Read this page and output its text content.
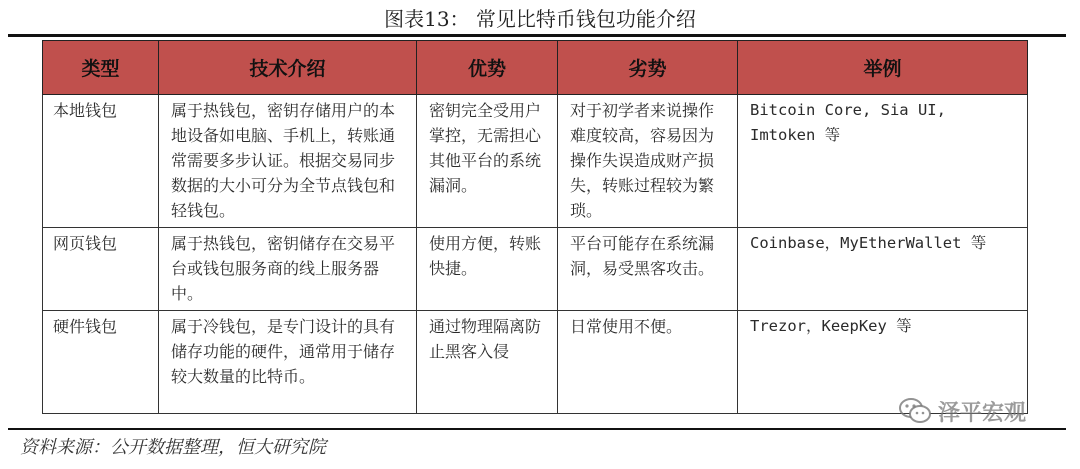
图表13： 常见比特币钱包功能介绍
类型	技术介绍	优势	劣势	举例
本地钱包	属于热钱包，密钥存储用户的本地设备如电脑、手机上，转账通常需要多步认证。根据交易同步数据的大小可分为全节点钱包和轻钱包。	密钥完全受用户掌控，无需担心其他平台的系统漏洞。	对于初学者来说操作难度较高，容易因为操作失误造成财产损失，转账过程较为繁琐。	Bitcoin Core, Sia UI, Imtoken 等
网页钱包	属于热钱包，密钥储存在交易平台或钱包服务商的线上服务器中。	使用方便，转账快捷。	平台可能存在系统漏洞，易受黑客攻击。	Coinbase，MyEtherWallet 等
硬件钱包	属于冷钱包，是专门设计的具有储存功能的硬件，通常用于储存较大数量的比特币。	通过物理隔离防止黑客入侵	日常使用不便。	Trezor，KeepKey 等
泽平宏观
资料来源：公开数据整理，恒大研究院
